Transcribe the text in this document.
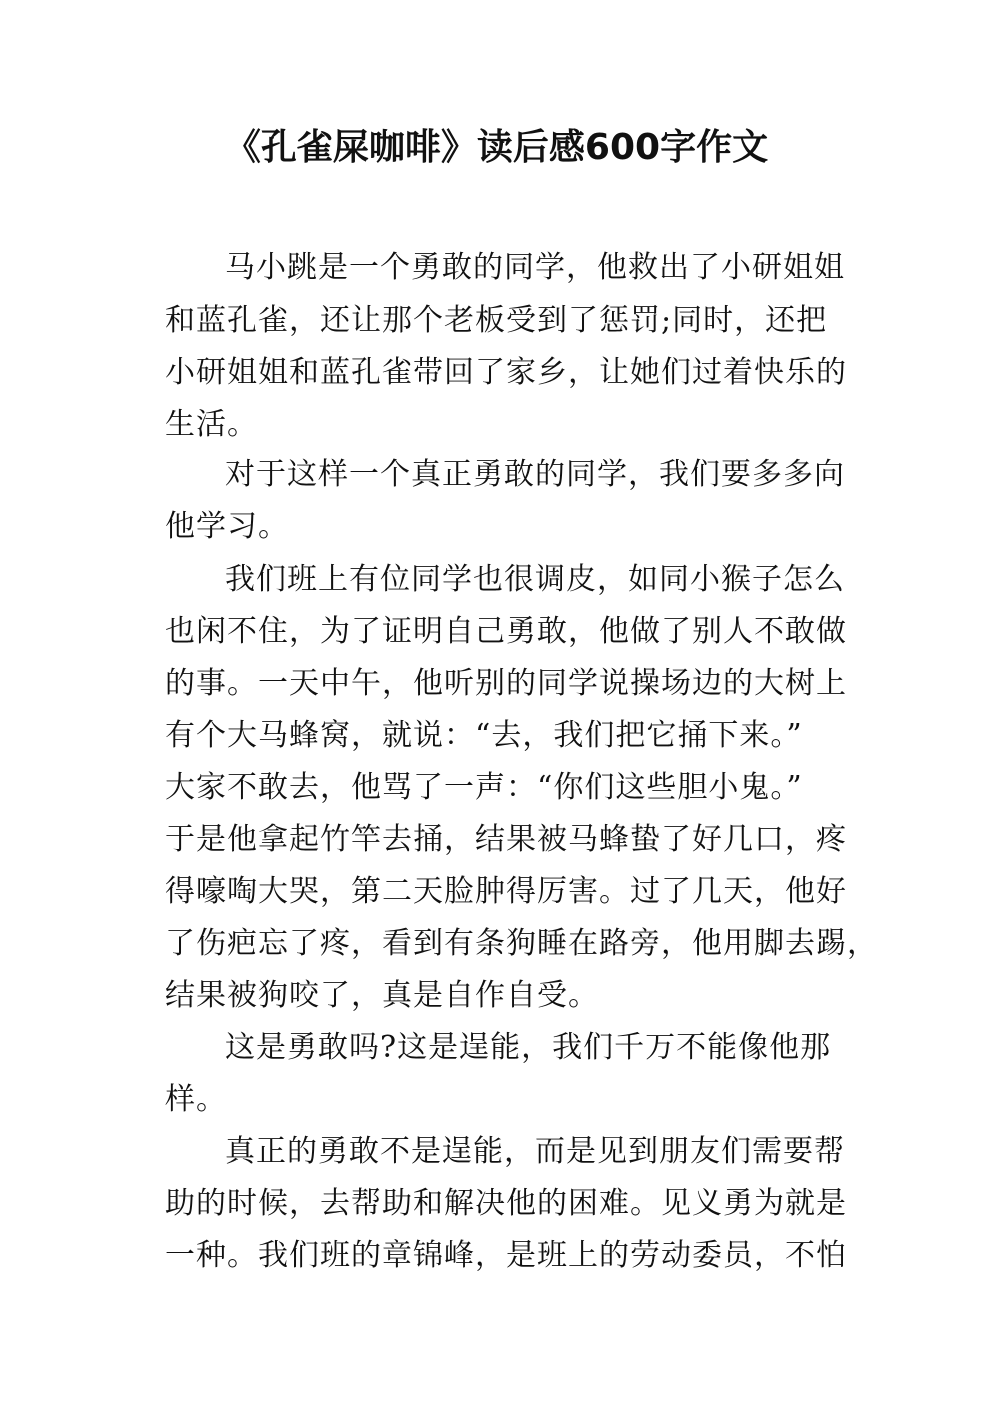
《孔雀屎咖啡》读后感600字作文
马小跳是一个勇敢的同学，他救出了小研姐姐
和蓝孔雀，还让那个老板受到了惩罚;同时，还把
小研姐姐和蓝孔雀带回了家乡，让她们过着快乐的
生活。
对于这样一个真正勇敢的同学，我们要多多向
他学习。
我们班上有位同学也很调皮，如同小猴子怎么
也闲不住，为了证明自己勇敢，他做了别人不敢做
的事。一天中午，他听别的同学说操场边的大树上
有个大马蜂窝，就说：“去，我们把它捅下来。”
大家不敢去，他骂了一声：“你们这些胆小鬼。”
于是他拿起竹竿去捅，结果被马蜂蛰了好几口，疼
得嚎啕大哭，第二天脸肿得厉害。过了几天，他好
了伤疤忘了疼，看到有条狗睡在路旁，他用脚去踢，
结果被狗咬了，真是自作自受。
这是勇敢吗?这是逞能，我们千万不能像他那
样。
真正的勇敢不是逞能，而是见到朋友们需要帮
助的时候，去帮助和解决他的困难。见义勇为就是
一种。我们班的章锦峰，是班上的劳动委员，不怕
